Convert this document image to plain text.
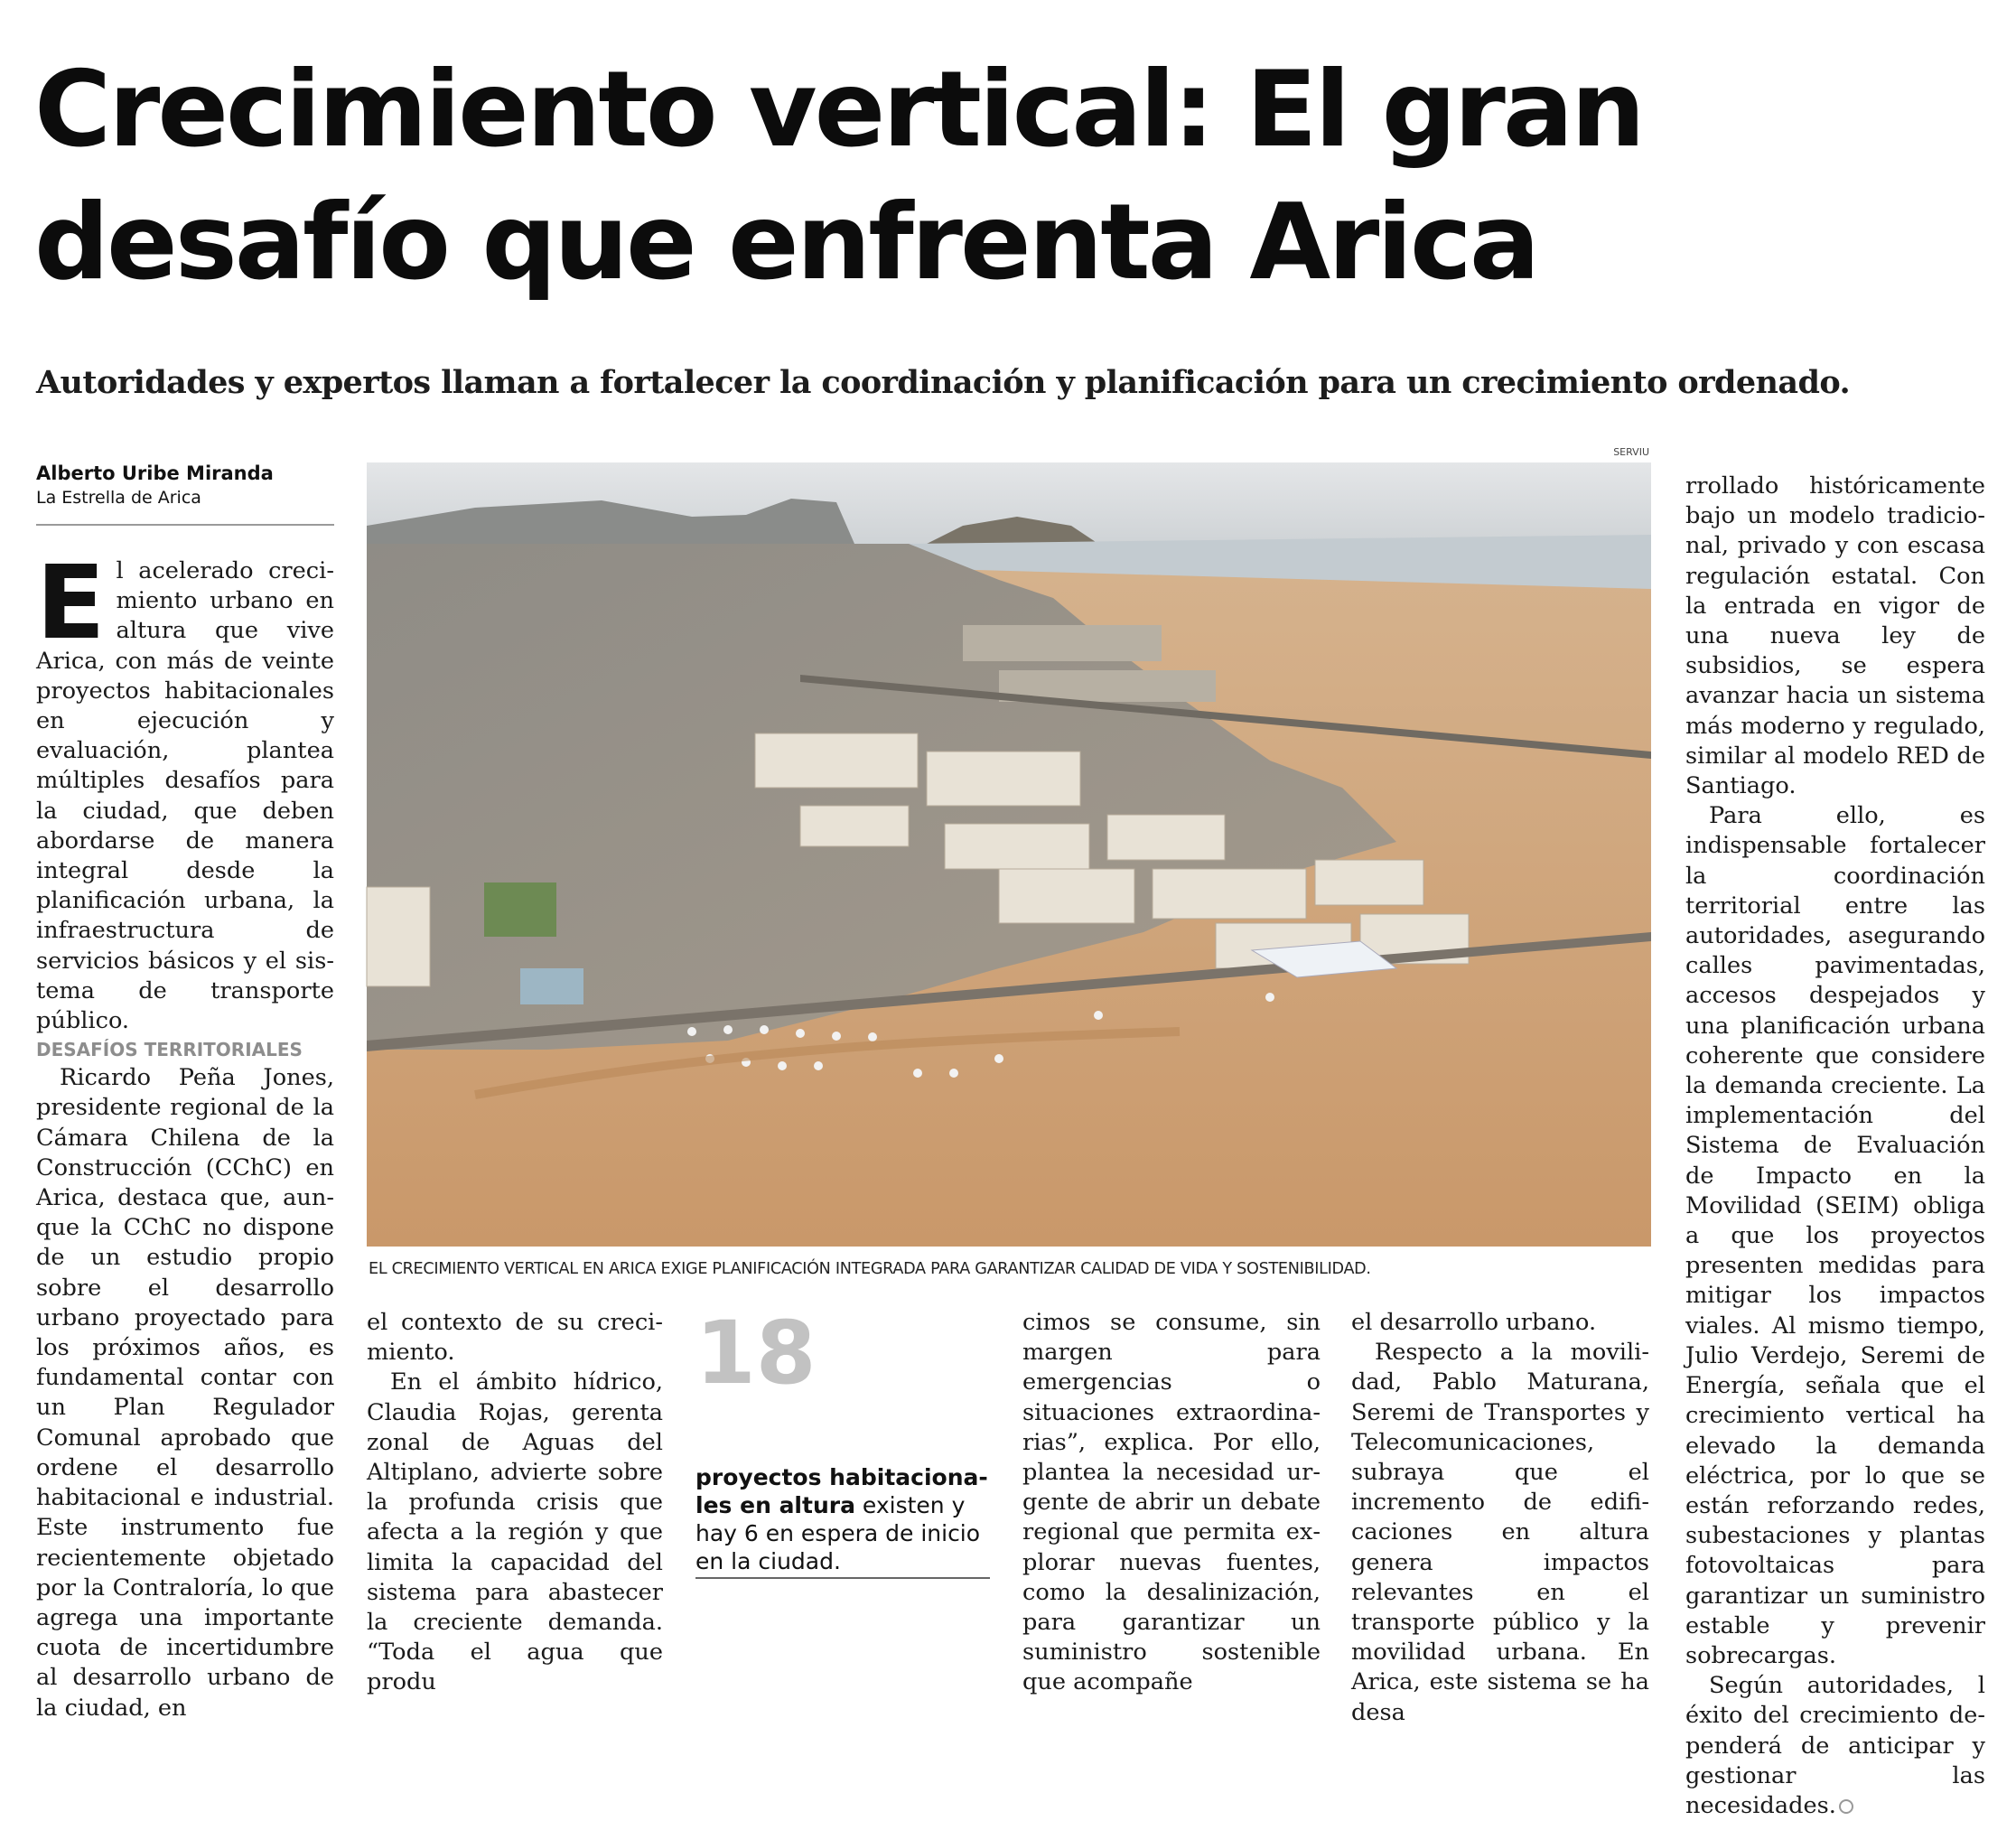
Crecimiento vertical: El gran
desafío que enfrenta Arica

Autoridades y expertos llaman a fortalecer la coordinación y planificación para un crecimiento ordenado.

Alberto Uribe Miranda
La Estrella de Arica

El acelerado crecimiento urbano en altura que vive Arica, con más de veinte proyectos habitacionales en ejecución y evaluación, plantea múltiples desafíos para la ciudad, que deben abordarse de manera integral desde la planificación urbana, la infraestructura de servicios básicos y el sistema de transporte público.

DESAFÍOS TERRITORIALES

Ricardo Peña Jones, presidente regional de la Cámara Chilena de la Construcción (CChC) en Arica, destaca que, aunque la CChC no dispone de un estudio propio sobre el desarrollo urbano proyectado para los próximos años, es fundamental contar con un Plan Regulador Comunal aprobado que ordene el desarrollo habitacional e industrial. Este instrumento fue recientemente objetado por la Contraloría, lo que agrega una importante cuota de incertidumbre al desarrollo urbano de la ciudad, en

SERVIU
EL CRECIMIENTO VERTICAL EN ARICA EXIGE PLANIFICACIÓN INTEGRADA PARA GARANTIZAR CALIDAD DE VIDA Y SOSTENIBILIDAD.

el contexto de su crecimiento.

En el ámbito hídrico, Claudia Rojas, gerenta zonal de Aguas del Altiplano, advierte sobre la profunda crisis que afecta a la región y que limita la capacidad del sistema para abastecer la creciente demanda. “Toda el agua que produ

18
proyectos habitacionales en altura existen y hay 6 en espera de inicio en la ciudad.

cimos se consume, sin margen para emergencias o situaciones extraordinarias”, explica. Por ello, plantea la necesidad urgente de abrir un debate regional que permita explorar nuevas fuentes, como la desalinización, para garantizar un suministro sostenible que acompañe

el desarrollo urbano.

Respecto a la movilidad, Pablo Maturana, Seremi de Transportes y Telecomunicaciones, subraya que el incremento de edificaciones en altura genera impactos relevantes en el transporte público y la movilidad urbana. En Arica, este sistema se ha desa

rrollado históricamente bajo un modelo tradicional, privado y con escasa regulación estatal. Con la entrada en vigor de una nueva ley de subsidios, se espera avanzar hacia un sistema más moderno y regulado, similar al modelo RED de Santiago.

Para ello, es indispensable fortalecer la coordinación territorial entre las autoridades, asegurando calles pavimentadas, accesos despejados y una planificación urbana coherente que considere la demanda creciente. La implementación del Sistema de Evaluación de Impacto en la Movilidad (SEIM) obliga a que los proyectos presenten medidas para mitigar los impactos viales. Al mismo tiempo, Julio Verdejo, Seremi de Energía, señala que el crecimiento vertical ha elevado la demanda eléctrica, por lo que se están reforzando redes, subestaciones y plantas fotovoltaicas para garantizar un suministro estable y prevenir sobrecargas.

Según autoridades, l éxito del crecimiento dependerá de anticipar y gestionar las necesidades.
